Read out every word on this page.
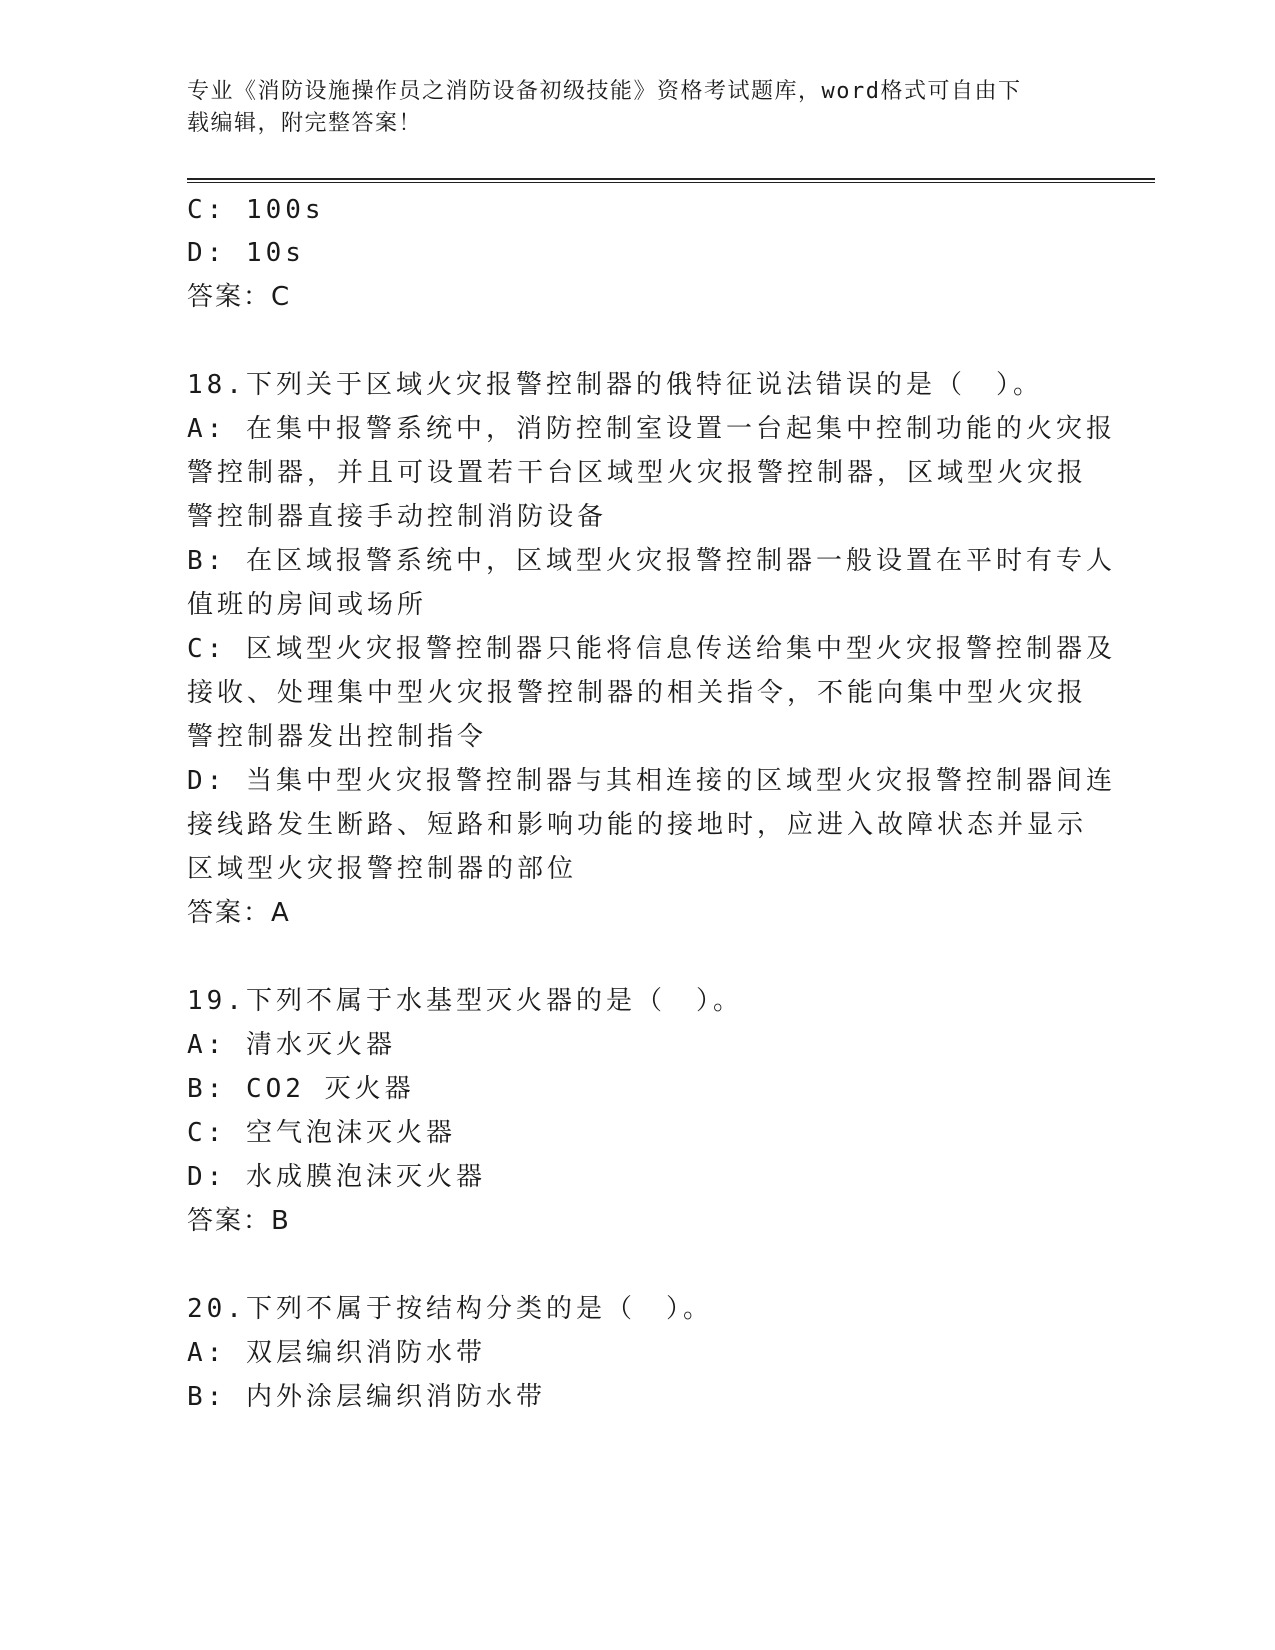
专业《消防设施操作员之消防设备初级技能》资格考试题库，word格式可自由下
载编辑，附完整答案！
C: 100s
D: 10s
答案：C
18.下列关于区域火灾报警控制器的俄特征说法错误的是（　）。
A: 在集中报警系统中，消防控制室设置一台起集中控制功能的火灾报
警控制器，并且可设置若干台区域型火灾报警控制器，区域型火灾报
警控制器直接手动控制消防设备
B: 在区域报警系统中，区域型火灾报警控制器一般设置在平时有专人
值班的房间或场所
C: 区域型火灾报警控制器只能将信息传送给集中型火灾报警控制器及
接收、处理集中型火灾报警控制器的相关指令，不能向集中型火灾报
警控制器发出控制指令
D: 当集中型火灾报警控制器与其相连接的区域型火灾报警控制器间连
接线路发生断路、短路和影响功能的接地时，应进入故障状态并显示
区域型火灾报警控制器的部位
答案：A
19.下列不属于水基型灭火器的是（　）。
A: 清水灭火器
B: CO2 灭火器
C: 空气泡沫灭火器
D: 水成膜泡沫灭火器
答案：B
20.下列不属于按结构分类的是（　）。
A: 双层编织消防水带
B: 内外涂层编织消防水带
